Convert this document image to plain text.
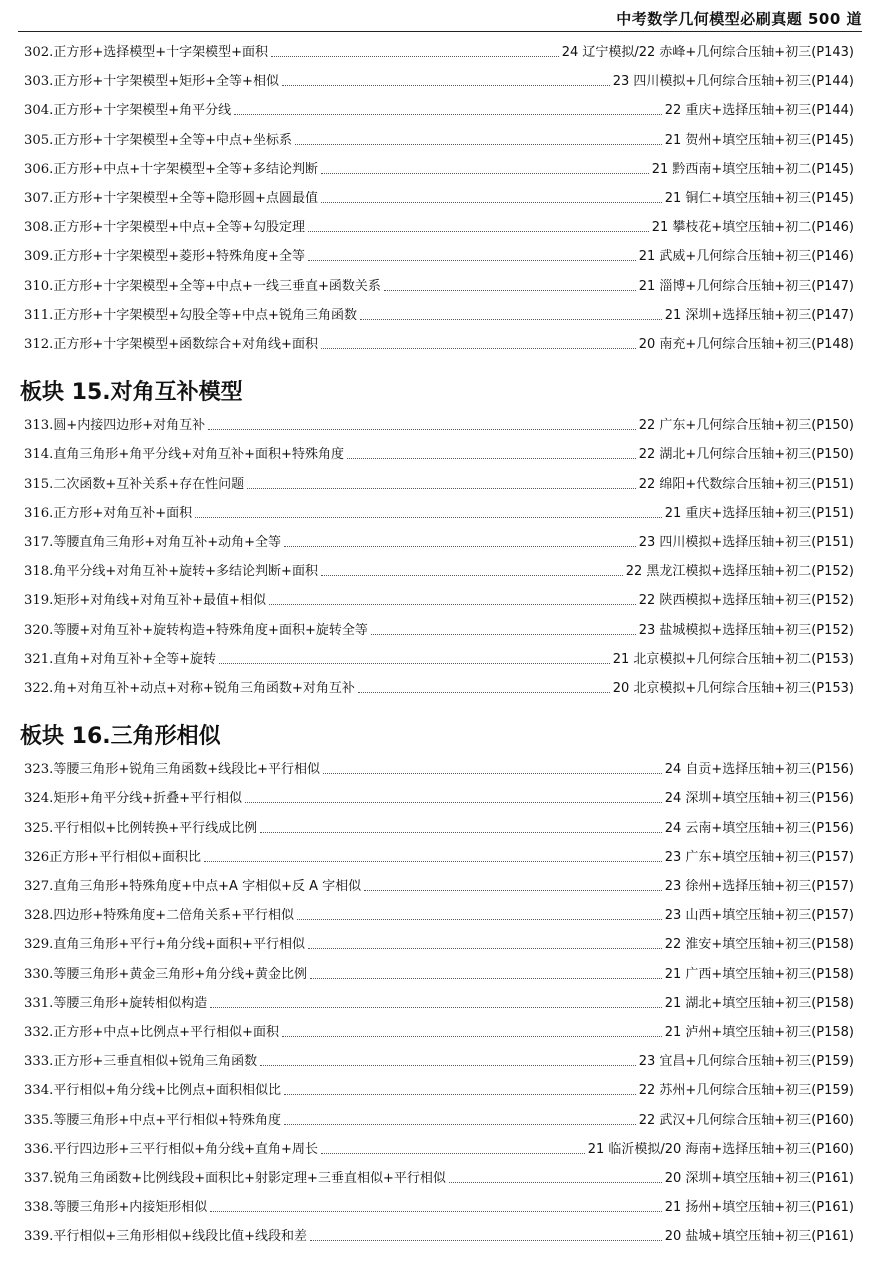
中考数学几何模型必刷真题 500 道
302. 正方形+选择模型+十字架模型+面积	24 辽宁模拟/22 赤峰+几何综合压轴+初三(P143)
303. 正方形+十字架模型+矩形+全等+相似	23 四川模拟+几何综合压轴+初三(P144)
304. 正方形+十字架模型+角平分线	22 重庆+选择压轴+初三(P144)
305. 正方形+十字架模型+全等+中点+坐标系	21 贺州+填空压轴+初三(P145)
306. 正方形+中点+十字架模型+全等+多结论判断	21 黔西南+填空压轴+初二(P145)
307. 正方形+十字架模型+全等+隐形圆+点圆最值	21 铜仁+填空压轴+初三(P145)
308. 正方形+十字架模型+中点+全等+勾股定理	21 攀枝花+填空压轴+初二(P146)
309. 正方形+十字架模型+菱形+特殊角度+全等	21 武威+几何综合压轴+初三(P146)
310. 正方形+十字架模型+全等+中点+一线三垂直+函数关系	21 淄博+几何综合压轴+初三(P147)
311. 正方形+十字架模型+勾股全等+中点+锐角三角函数	21 深圳+选择压轴+初三(P147)
312. 正方形+十字架模型+函数综合+对角线+面积	20 南充+几何综合压轴+初三(P148)
板块 15.对角互补模型
313. 圆+内接四边形+对角互补	22 广东+几何综合压轴+初三(P150)
314. 直角三角形+角平分线+对角互补+面积+特殊角度	22 湖北+几何综合压轴+初三(P150)
315. 二次函数+互补关系+存在性问题	22 绵阳+代数综合压轴+初三(P151)
316. 正方形+对角互补+面积	21 重庆+选择压轴+初三(P151)
317. 等腰直角三角形+对角互补+动角+全等	23 四川模拟+选择压轴+初三(P151)
318. 角平分线+对角互补+旋转+多结论判断+面积	22 黑龙江模拟+选择压轴+初二(P152)
319. 矩形+对角线+对角互补+最值+相似	22 陕西模拟+选择压轴+初三(P152)
320. 等腰+对角互补+旋转构造+特殊角度+面积+旋转全等	23 盐城模拟+选择压轴+初三(P152)
321. 直角+对角互补+全等+旋转	21 北京模拟+几何综合压轴+初二(P153)
322. 角+对角互补+动点+对称+锐角三角函数+对角互补	20 北京模拟+几何综合压轴+初三(P153)
板块 16.三角形相似
323. 等腰三角形+锐角三角函数+线段比+平行相似	24 自贡+选择压轴+初三(P156)
324. 矩形+角平分线+折叠+平行相似	24 深圳+填空压轴+初三(P156)
325. 平行相似+比例转换+平行线成比例	24 云南+填空压轴+初三(P156)
326 正方形+平行相似+面积比	23 广东+填空压轴+初三(P157)
327. 直角三角形+特殊角度+中点+A 字相似+反 A 字相似	23 徐州+选择压轴+初三(P157)
328. 四边形+特殊角度+二倍角关系+平行相似	23 山西+填空压轴+初三(P157)
329. 直角三角形+平行+角分线+面积+平行相似	22 淮安+填空压轴+初三(P158)
330. 等腰三角形+黄金三角形+角分线+黄金比例	21 广西+填空压轴+初三(P158)
331. 等腰三角形+旋转相似构造	21 湖北+填空压轴+初三(P158)
332. 正方形+中点+比例点+平行相似+面积	21 泸州+填空压轴+初三(P158)
333. 正方形+三垂直相似+锐角三角函数	23 宜昌+几何综合压轴+初三(P159)
334. 平行相似+角分线+比例点+面积相似比	22 苏州+几何综合压轴+初三(P159)
335. 等腰三角形+中点+平行相似+特殊角度	22 武汉+几何综合压轴+初三(P160)
336. 平行四边形+三平行相似+角分线+直角+周长	21 临沂模拟/20 海南+选择压轴+初三(P160)
337. 锐角三角函数+比例线段+面积比+射影定理+三垂直相似+平行相似	20 深圳+填空压轴+初三(P161)
338. 等腰三角形+内接矩形相似	21 扬州+填空压轴+初三(P161)
339. 平行相似+三角形相似+线段比值+线段和差	20 盐城+填空压轴+初三(P161)
